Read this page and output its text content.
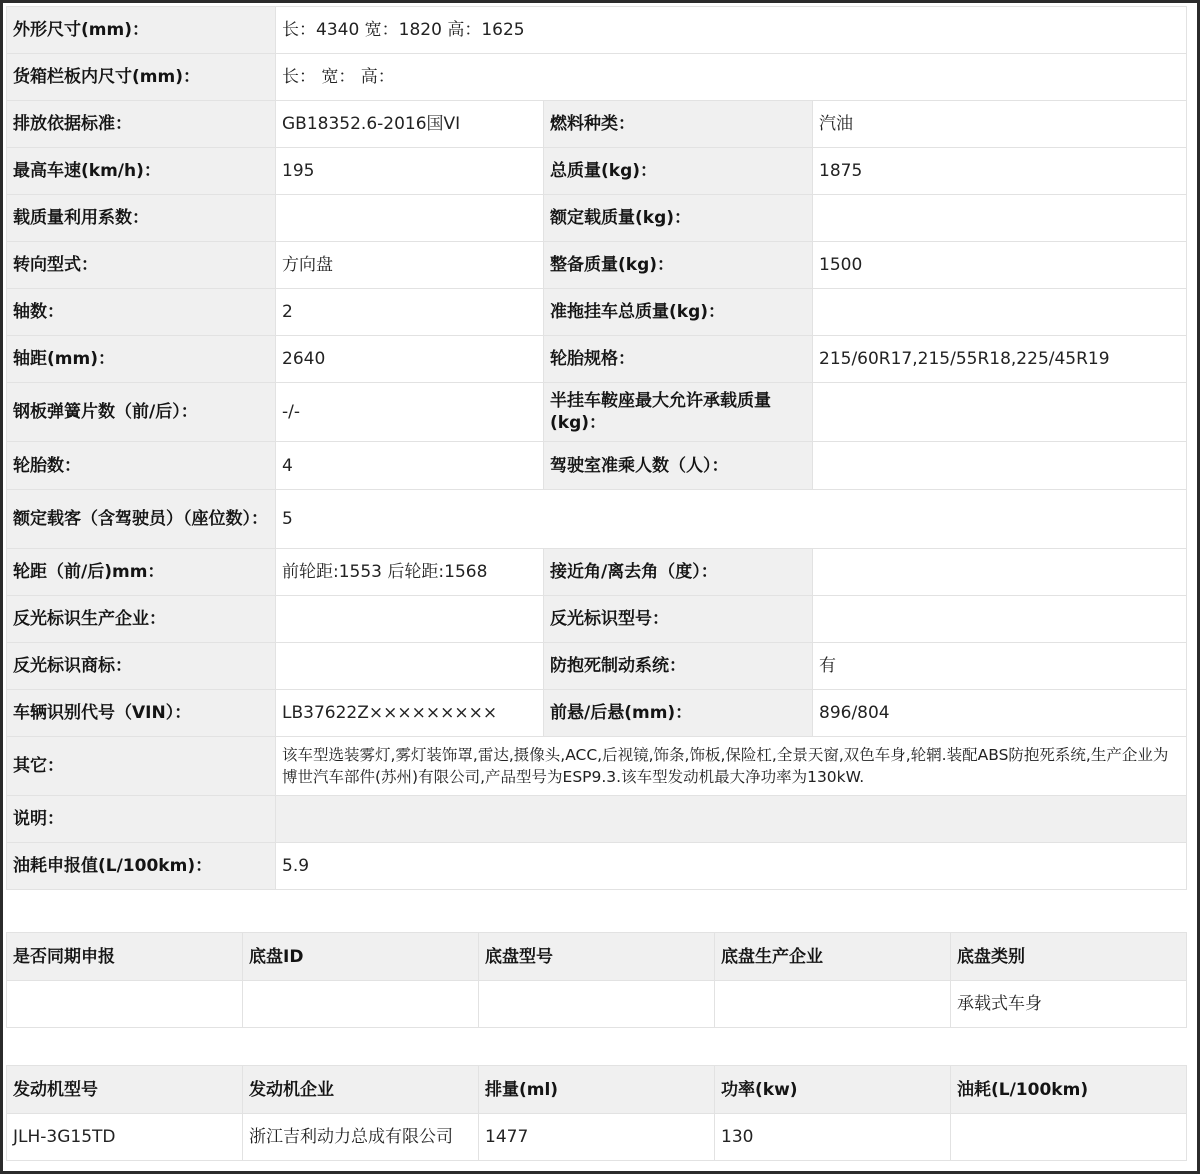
外形尺寸(mm)：	长：4340 宽：1820 高：1625		
货箱栏板内尺寸(mm)：	长： 宽： 高：		
排放依据标准：	GB18352.6-2016国VI	燃料种类：	汽油
最高车速(km/h)：	195	总质量(kg)：	1875
载质量利用系数：		额定载质量(kg)：	
转向型式：	方向盘	整备质量(kg)：	1500
轴数：	2	准拖挂车总质量(kg)：	
轴距(mm)：	2640	轮胎规格：	215/60R17,215/55R18,225/45R19
钢板弹簧片数（前/后）：	-/-	半挂车鞍座最大允许承载质量(kg)：	
轮胎数：	4	驾驶室准乘人数（人）：	
额定载客（含驾驶员）（座位数）：	5		
轮距（前/后)mm：	前轮距:1553 后轮距:1568	接近角/离去角（度）：	
反光标识生产企业：		反光标识型号：	
反光标识商标：		防抱死制动系统：	有
车辆识别代号（VIN）：	LB37622Z×××××××××	前悬/后悬(mm)：	896/804
其它：	该车型选装雾灯,雾灯装饰罩,雷达,摄像头,ACC,后视镜,饰条,饰板,保险杠,全景天窗,双色车身,轮辋.装配ABS防抱死系统,生产企业为博世汽车部件(苏州)有限公司,产品型号为ESP9.3.该车型发动机最大净功率为130kW.		
说明：			
油耗申报值(L/100km)：	5.9		
是否同期申报	底盘ID	底盘型号	底盘生产企业	底盘类别
				承载式车身
发动机型号	发动机企业	排量(ml)	功率(kw)	油耗(L/100km)
JLH-3G15TD	浙江吉利动力总成有限公司	1477	130	
